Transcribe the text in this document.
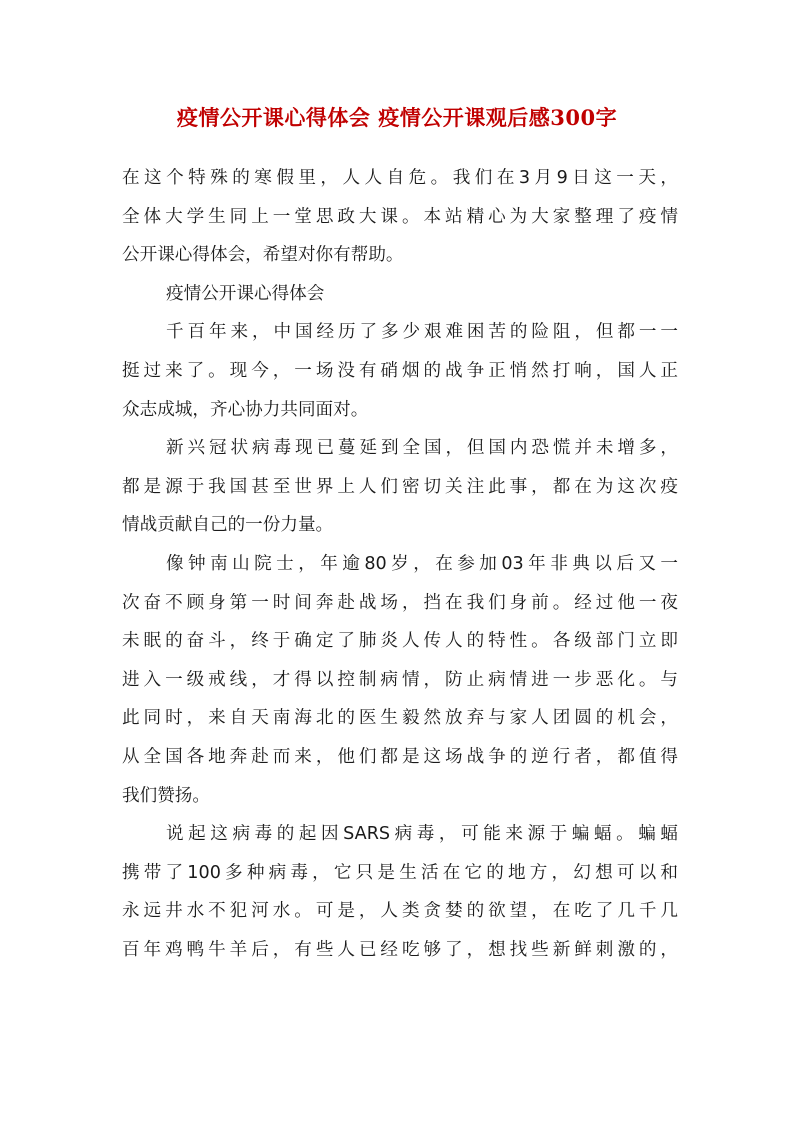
疫情公开课心得体会 疫情公开课观后感300字
在这个特殊的寒假里，人人自危。我们在3月9日这一天，
全体大学生同上一堂思政大课。本站精心为大家整理了疫情
公开课心得体会，希望对你有帮助。
疫情公开课心得体会
千百年来，中国经历了多少艰难困苦的险阻，但都一一
挺过来了。现今，一场没有硝烟的战争正悄然打响，国人正
众志成城，齐心协力共同面对。
新兴冠状病毒现已蔓延到全国，但国内恐慌并未增多，
都是源于我国甚至世界上人们密切关注此事，都在为这次疫
情战贡献自己的一份力量。
像钟南山院士，年逾80岁，在参加03年非典以后又一
次奋不顾身第一时间奔赴战场，挡在我们身前。经过他一夜
未眠的奋斗，终于确定了肺炎人传人的特性。各级部门立即
进入一级戒线，才得以控制病情，防止病情进一步恶化。与
此同时，来自天南海北的医生毅然放弃与家人团圆的机会，
从全国各地奔赴而来，他们都是这场战争的逆行者，都值得
我们赞扬。
说起这病毒的起因SARS病毒，可能来源于蝙蝠。蝙蝠
携带了100多种病毒，它只是生活在它的地方，幻想可以和
永远井水不犯河水。可是，人类贪婪的欲望，在吃了几千几
百年鸡鸭牛羊后，有些人已经吃够了，想找些新鲜刺激的，
